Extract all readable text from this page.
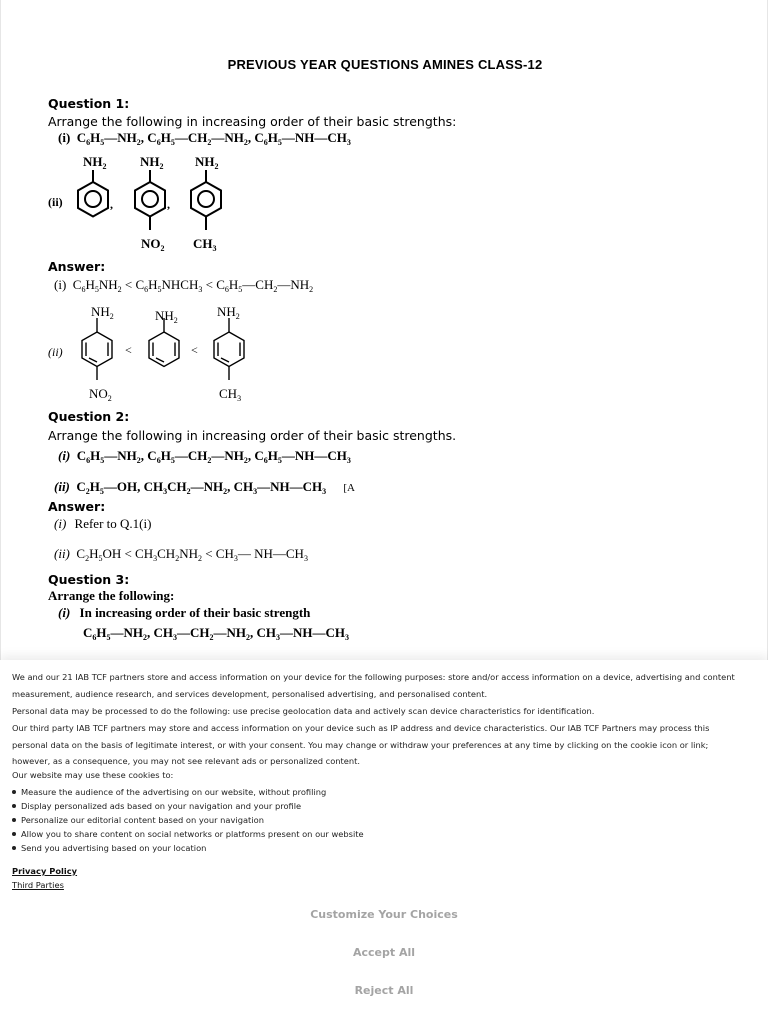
PREVIOUS YEAR QUESTIONS AMINES CLASS-12
Question 1:
Arrange the following in increasing order of their basic strengths:
(i)  $C_6H_5—NH_2$, $C_6H_5—CH_2—NH_2$, $C_6H_5—NH—CH_3$
(ii)	,	,
$NH_2$	$NH_2$ $NH_2$
$NO_2$ $CH_3$
Answer:
(i)  $C_6H_5NH_2$ < $C_6H_5NHCH_3$ < $C_6H_5—CH_2—NH_2$
(ii)	<	<
$NH_2$	$NH_2$
$NH_2$
$NO_2$	$CH_3$
Question 2:
Arrange the following in increasing order of their basic strengths.
(i)  $C_6H_5—NH_2$, $C_6H_5—CH_2—NH_2$, $C_6H_5—NH—CH_3$
(ii)  $C_2H_5—OH$, $CH_3CH_2—NH_2$, $CH_3—NH—CH_3$ [A
Answer:
(i) Refer to Q.1(i)
(ii)  $C_2H_5OH < CH_3CH_2NH_2$ < $CH_3—$ $NH—CH_3$
Question 3:
Arrange the following:
(i) In increasing order of their basic strength
$C_6H_5—NH_2$, $CH_3—CH_2—NH_2$, $CH_3—NH—CH_3$
We and our 21 IAB TCF partners store and access information on your device for the following purposes: store and/or access information on a device, advertising and content
measurement, audience research, and services development, personalised advertising, and personalised content.
Personal data may be processed to do the following: use precise geolocation data and actively scan device characteristics for identification.
Our third party IAB TCF partners may store and access information on your device such as IP address and device characteristics. Our IAB TCF Partners may process this
personal data on the basis of legitimate interest, or with your consent. You may change or withdraw your preferences at any time by clicking on the cookie icon or link;
however, as a consequence, you may not see relevant ads or personalized content.
Our website may use these cookies to:
Measure the audience of the advertising on our website, without profiling
Display personalized ads based on your navigation and your profile
Personalize our editorial content based on your navigation
Allow you to share content on social networks or platforms present on our website
Send you advertising based on your location
Privacy Policy
Third Parties
Customize Your Choices
Accept All
Reject All
